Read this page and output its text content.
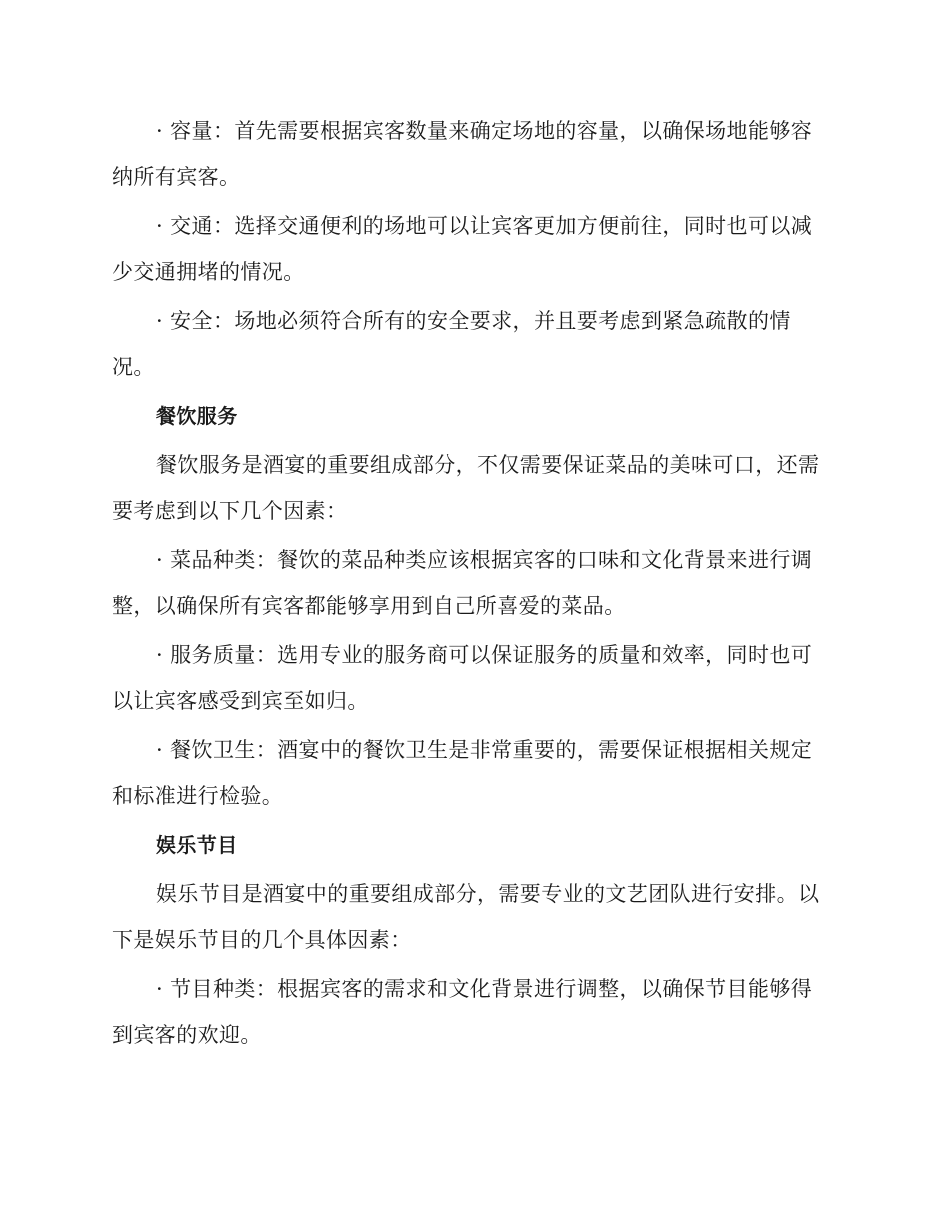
· 容量：首先需要根据宾客数量来确定场地的容量，以确保场地能够容纳所有宾客。

· 交通：选择交通便利的场地可以让宾客更加方便前往，同时也可以减少交通拥堵的情况。

· 安全：场地必须符合所有的安全要求，并且要考虑到紧急疏散的情况。

餐饮服务

餐饮服务是酒宴的重要组成部分，不仅需要保证菜品的美味可口，还需要考虑到以下几个因素：

· 菜品种类：餐饮的菜品种类应该根据宾客的口味和文化背景来进行调整，以确保所有宾客都能够享用到自己所喜爱的菜品。

· 服务质量：选用专业的服务商可以保证服务的质量和效率，同时也可以让宾客感受到宾至如归。

· 餐饮卫生：酒宴中的餐饮卫生是非常重要的，需要保证根据相关规定和标准进行检验。

娱乐节目

娱乐节目是酒宴中的重要组成部分，需要专业的文艺团队进行安排。以下是娱乐节目的几个具体因素：

· 节目种类：根据宾客的需求和文化背景进行调整，以确保节目能够得到宾客的欢迎。
